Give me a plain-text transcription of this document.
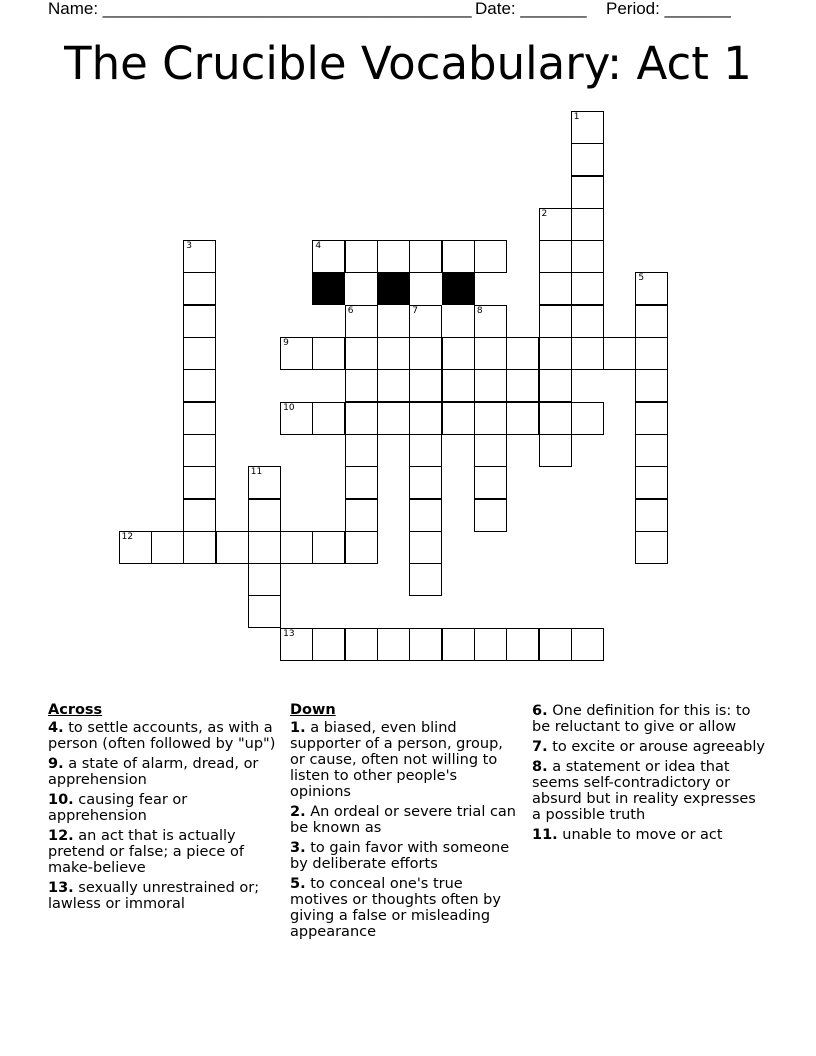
Name: _______________________________________ Date: _______ Period: _______
The Crucible Vocabulary: Act 1
1
2
3	4
5
6	7	8
9
10
11
12
13
Across
4. to settle accounts, as with a person (often followed by "up")
9. a state of alarm, dread, or apprehension
10. causing fear or apprehension
12. an act that is actually pretend or false; a piece of make-believe
13. sexually unrestrained or; lawless or immoral
Down
1. a biased, even blind supporter of a person, group, or cause, often not willing to listen to other people's opinions
2. An ordeal or severe trial can be known as
3. to gain favor with someone by deliberate efforts
5. to conceal one's true motives or thoughts often by giving a false or misleading appearance
6. One definition for this is: to be reluctant to give or allow
7. to excite or arouse agreeably
8. a statement or idea that seems self-contradictory or absurd but in reality expresses a possible truth
11. unable to move or act
